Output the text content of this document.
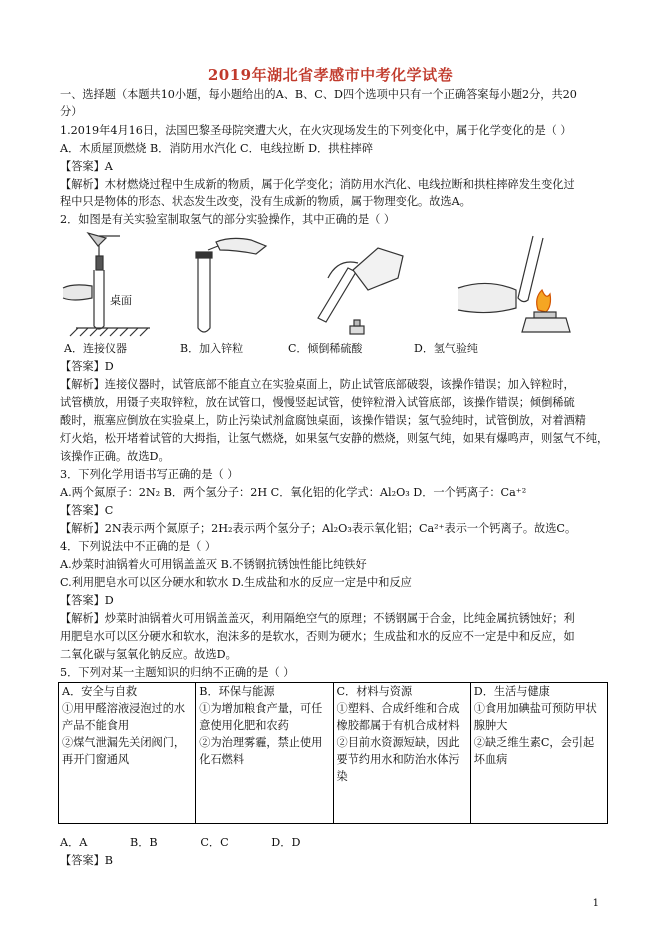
2019年湖北省孝感市中考化学试卷
一、选择题（本题共10小题，每小题给出的A、B、C、D四个选项中只有一个正确答案每小题2分，共20
分）
1.2019年4月16日，法国巴黎圣母院突遭大火，在火灾现场发生的下列变化中，属于化学变化的是（ ）
A．木质屋顶燃烧 B．消防用水汽化 C．电线拉断 D．拱柱摔碎
【答案】A
【解析】木材燃烧过程中生成新的物质，属于化学变化；消防用水汽化、电线拉断和拱柱摔碎发生变化过
程中只是物体的形态、状态发生改变，没有生成新的物质，属于物理变化。故选A。
2．如图是有关实验室制取氢气的部分实验操作，其中正确的是（ ）
桌面
A．连接仪器	B．加入锌粒	C．倾倒稀硫酸	D．氢气验纯
【答案】D
【解析】连接仪器时，试管底部不能直立在实验桌面上，防止试管底部破裂，该操作错误；加入锌粒时，
试管横放，用镊子夹取锌粒，放在试管口，慢慢竖起试管，使锌粒滑入试管底部，该操作错误；倾倒稀硫
酸时，瓶塞应倒放在实验桌上，防止污染试剂盒腐蚀桌面，该操作错误；氢气验纯时，试管倒放，对着酒精
灯火焰，松开堵着试管的大拇指，让氢气燃烧，如果氢气安静的燃烧，则氢气纯，如果有爆鸣声，则氢气不纯，
该操作正确。故选D。
3．下列化学用语书写正确的是（ ）
A.两个氮原子：2N₂ B．两个氢分子：2H C．氧化铝的化学式：Al₂O₃ D．一个钙离子：Ca⁺²
【答案】C
【解析】2N表示两个氮原子；2H₂表示两个氢分子；Al₂O₃表示氧化铝；Ca²⁺表示一个钙离子。故选C。
4．下列说法中不正确的是（ ）
A.炒菜时油锅着火可用锅盖盖灭 B.不锈钢抗锈蚀性能比纯铁好
C.利用肥皂水可以区分硬水和软水 D.生成盐和水的反应一定是中和反应
【答案】D
【解析】炒菜时油锅着火可用锅盖盖灭，利用隔绝空气的原理；不锈钢属于合金，比纯金属抗锈蚀好；利
用肥皂水可以区分硬水和软水，泡沫多的是软水，否则为硬水；生成盐和水的反应不一定是中和反应，如
二氧化碳与氢氧化钠反应。故选D。
5．下列对某一主题知识的归纳不正确的是（ ）
A．安全与自救
①用甲醛溶液浸泡过的水产品不能食用
②煤气泄漏先关闭阀门，再开门窗通风

B．环保与能源
①为增加粮食产量，可任意使用化肥和农药
②为治理雾霾，禁止使用化石燃料

C．材料与资源
①塑料、合成纤维和合成橡胶都属于有机合成材料
②目前水资源短缺，因此要节约用水和防治水体污染

D．生活与健康
①食用加碘盐可预防甲状腺肿大
②缺乏维生素C，会引起坏血病
A．A            B．B            C．C            D．D
【答案】B
1
